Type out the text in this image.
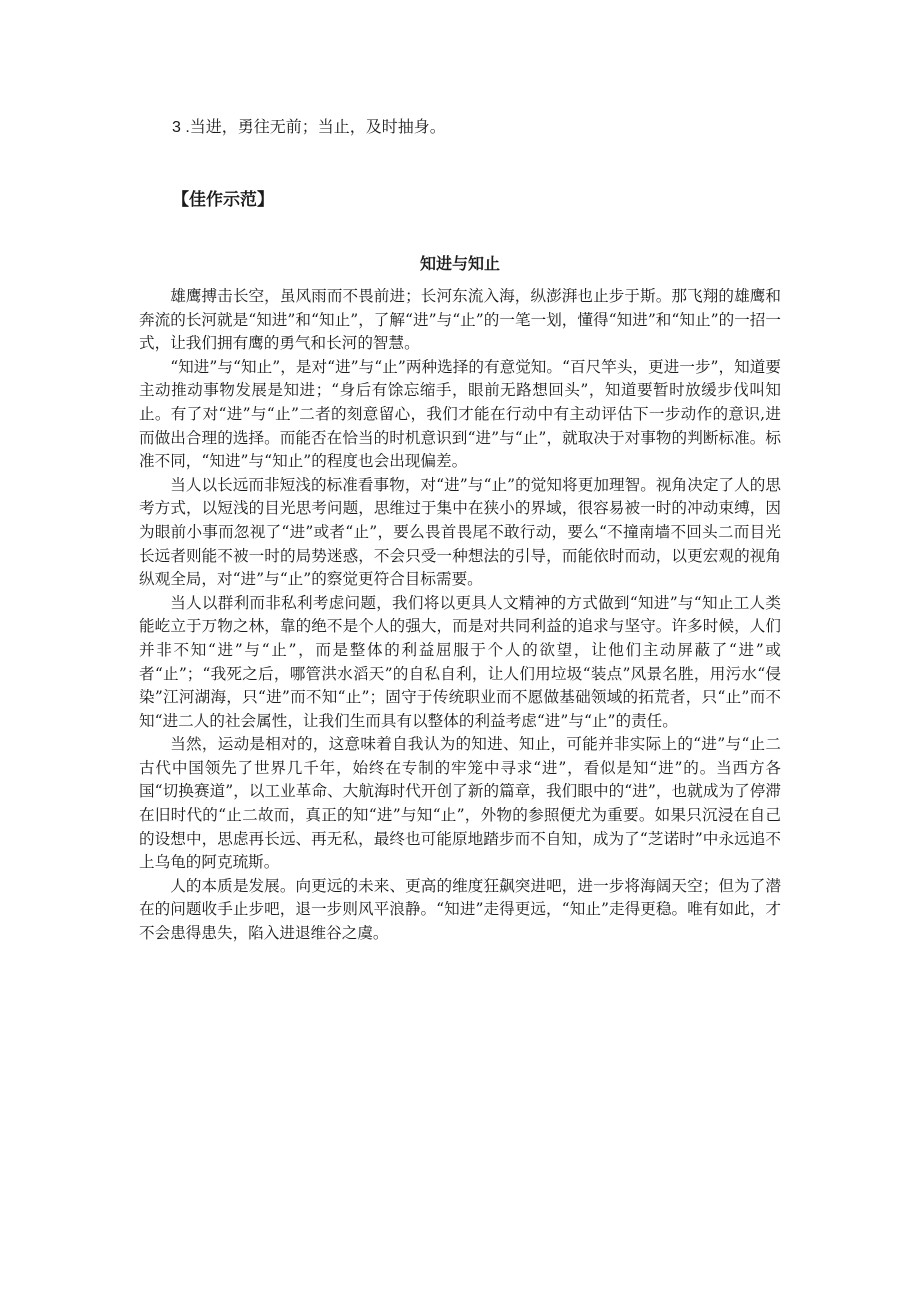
3 .当进，勇往无前；当止，及时抽身。
【佳作示范】
知进与知止

雄鹰搏击长空，虽风雨而不畏前进；长河东流入海，纵澎湃也止步于斯。那飞翔的雄鹰和奔流的长河就是“知进”和“知止”，了解“进”与“止”的一笔一划，懂得“知进”和“知止”的一招一式，让我们拥有鹰的勇气和长河的智慧。

“知进”与“知止”，是对“进”与“止”两种选择的有意觉知。“百尺竿头，更进一步”，知道要主动推动事物发展是知进；“身后有馀忘缩手，眼前无路想回头”，知道要暂时放缓步伐叫知止。有了对“进”与“止”二者的刻意留心，我们才能在行动中有主动评估下一步动作的意识,进而做出合理的选择。而能否在恰当的时机意识到“进”与“止”，就取决于对事物的判断标准。标准不同，“知进”与“知止”的程度也会出现偏差。

当人以长远而非短浅的标准看事物，对“进”与“止”的觉知将更加理智。视角决定了人的思考方式，以短浅的目光思考问题，思维过于集中在狭小的界域，很容易被一时的冲动束缚，因为眼前小事而忽视了“进”或者“止”，要么畏首畏尾不敢行动，要么“不撞南墙不回头二而目光长远者则能不被一时的局势迷惑，不会只受一种想法的引导，而能依时而动，以更宏观的视角纵观全局，对“进”与“止”的察觉更符合目标需要。

当人以群利而非私利考虑问题，我们将以更具人文精神的方式做到“知进”与“知止工人类能屹立于万物之林，靠的绝不是个人的强大，而是对共同利益的追求与坚守。许多时候，人们并非不知“进”与“止”，而是整体的利益屈服于个人的欲望，让他们主动屏蔽了“进”或者“止”；“我死之后，哪管洪水滔天”的自私自利，让人们用垃圾“装点”风景名胜，用污水“侵染”江河湖海，只“进”而不知“止”；固守于传统职业而不愿做基础领域的拓荒者，只“止”而不知“进二人的社会属性，让我们生而具有以整体的利益考虑“进”与“止”的责任。

当然，运动是相对的，这意味着自我认为的知进、知止，可能并非实际上的“进”与“止二古代中国领先了世界几千年，始终在专制的牢笼中寻求“进”，看似是知“进”的。当西方各国“切换赛道”，以工业革命、大航海时代开创了新的篇章，我们眼中的“进”，也就成为了停滞在旧时代的“止二故而，真正的知“进”与知“止”，外物的参照便尤为重要。如果只沉浸在自己的设想中，思虑再长远、再无私，最终也可能原地踏步而不自知，成为了“芝诺时”中永远追不上乌龟的阿克琉斯。

人的本质是发展。向更远的未来、更高的维度狂飙突进吧，进一步将海阔天空；但为了潜在的问题收手止步吧，退一步则风平浪静。“知进”走得更远，“知止”走得更稳。唯有如此，才不会患得患失，陷入进退维谷之虞。
